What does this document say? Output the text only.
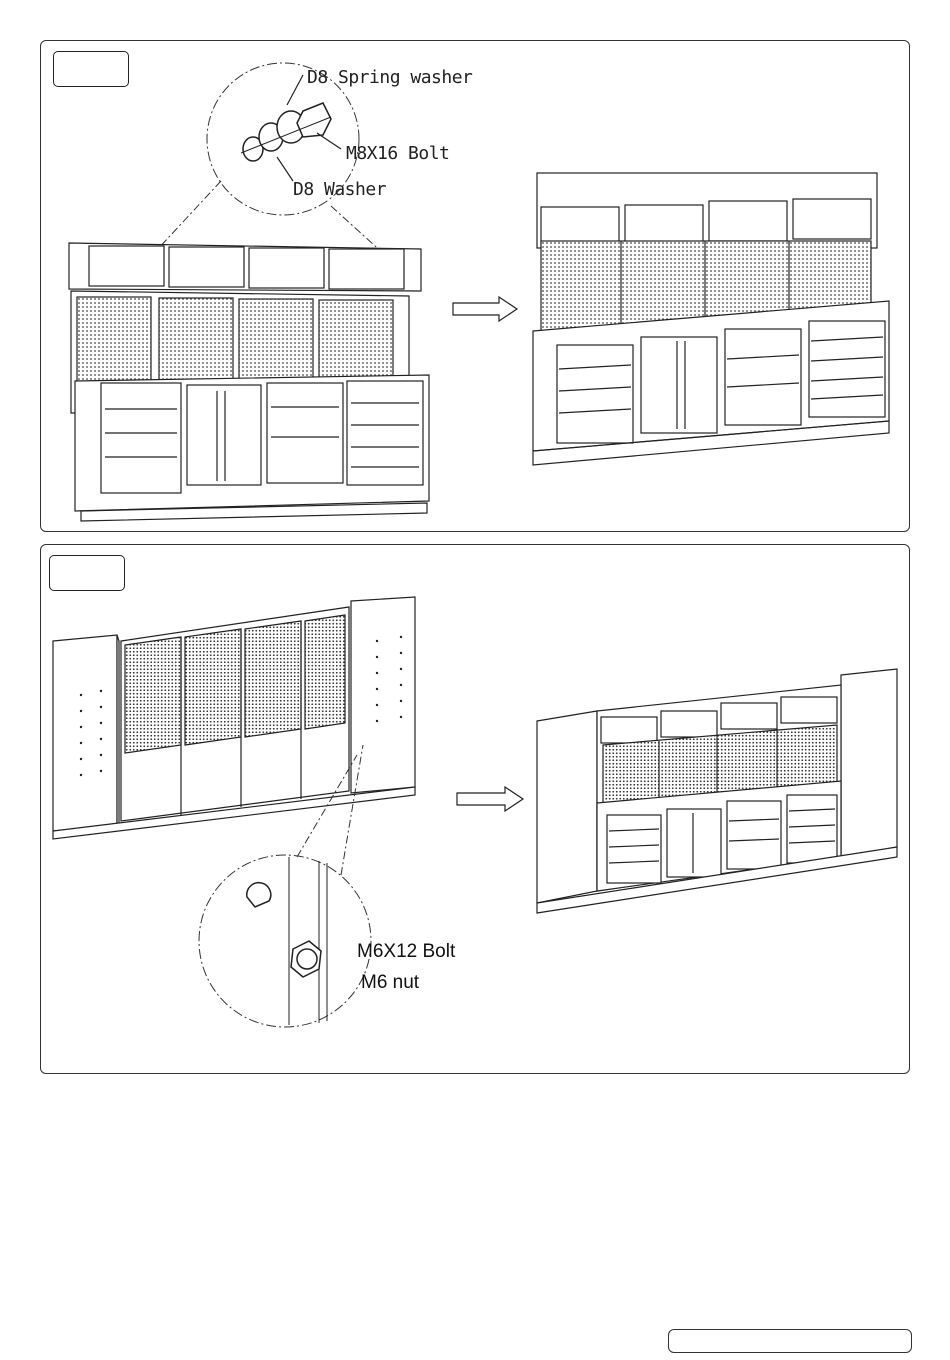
D8 Spring washer
M8X16 Bolt
D8 Washer
M6X12 Bolt
M6 nut
